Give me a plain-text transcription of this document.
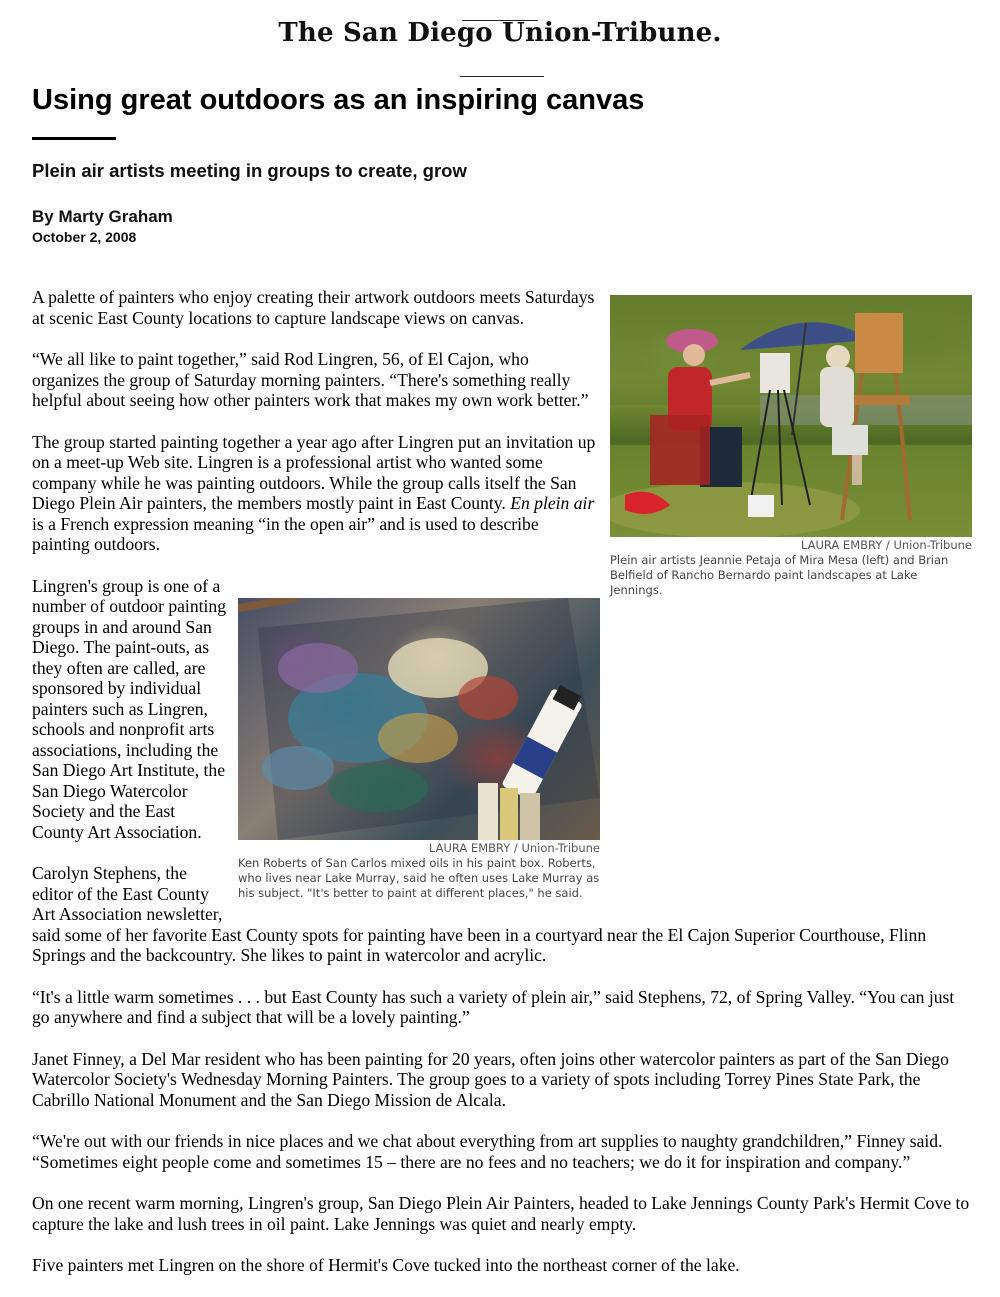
The San Diego Union-Tribune.
Using great outdoors as an inspiring canvas
Plein air artists meeting in groups to create, grow
By Marty Graham
October 2, 2008
LAURA EMBRY / Union-Tribune
Plein air artists Jeannie Petaja of Mira Mesa (left) and Brian Belfield of Rancho Bernardo paint landscapes at Lake Jennings.

A palette of painters who enjoy creating their artwork outdoors meets Saturdays at scenic East County locations to capture landscape views on canvas.

“We all like to paint together,” said Rod Lingren, 56, of El Cajon, who organizes the group of Saturday morning painters. “There's something really helpful about seeing how other painters work that makes my own work better.”

The group started painting together a year ago after Lingren put an invitation up on a meet-up Web site. Lingren is a professional artist who wanted some company while he was painting outdoors. While the group calls itself the San Diego Plein Air painters, the members mostly paint in East County. En plein air is a French expression meaning “in the open air” and is used to describe painting outdoors.

LAURA EMBRY / Union-Tribune
Ken Roberts of San Carlos mixed oils in his paint box. Roberts, who lives near Lake Murray, said he often uses Lake Murray as his subject. "It's better to paint at different places," he said.

Lingren's group is one of a number of outdoor painting groups in and around San Diego. The paint-outs, as they often are called, are sponsored by individual painters such as Lingren, schools and nonprofit arts associations, including the San Diego Art Institute, the San Diego Watercolor Society and the East County Art Association.

Carolyn Stephens, the editor of the East County Art Association newsletter, said some of her favorite East County spots for painting have been in a courtyard near the El Cajon Superior Courthouse, Flinn Springs and the backcountry. She likes to paint in watercolor and acrylic.

“It's a little warm sometimes . . . but East County has such a variety of plein air,” said Stephens, 72, of Spring Valley. “You can just go anywhere and find a subject that will be a lovely painting.”

Janet Finney, a Del Mar resident who has been painting for 20 years, often joins other watercolor painters as part of the San Diego Watercolor Society's Wednesday Morning Painters. The group goes to a variety of spots including Torrey Pines State Park, the Cabrillo National Monument and the San Diego Mission de Alcala.

“We're out with our friends in nice places and we chat about everything from art supplies to naughty grandchildren,” Finney said. “Sometimes eight people come and sometimes 15 – there are no fees and no teachers; we do it for inspiration and company.”

On one recent warm morning, Lingren's group, San Diego Plein Air Painters, headed to Lake Jennings County Park's Hermit Cove to capture the lake and lush trees in oil paint. Lake Jennings was quiet and nearly empty.

Five painters met Lingren on the shore of Hermit's Cove tucked into the northeast corner of the lake.
